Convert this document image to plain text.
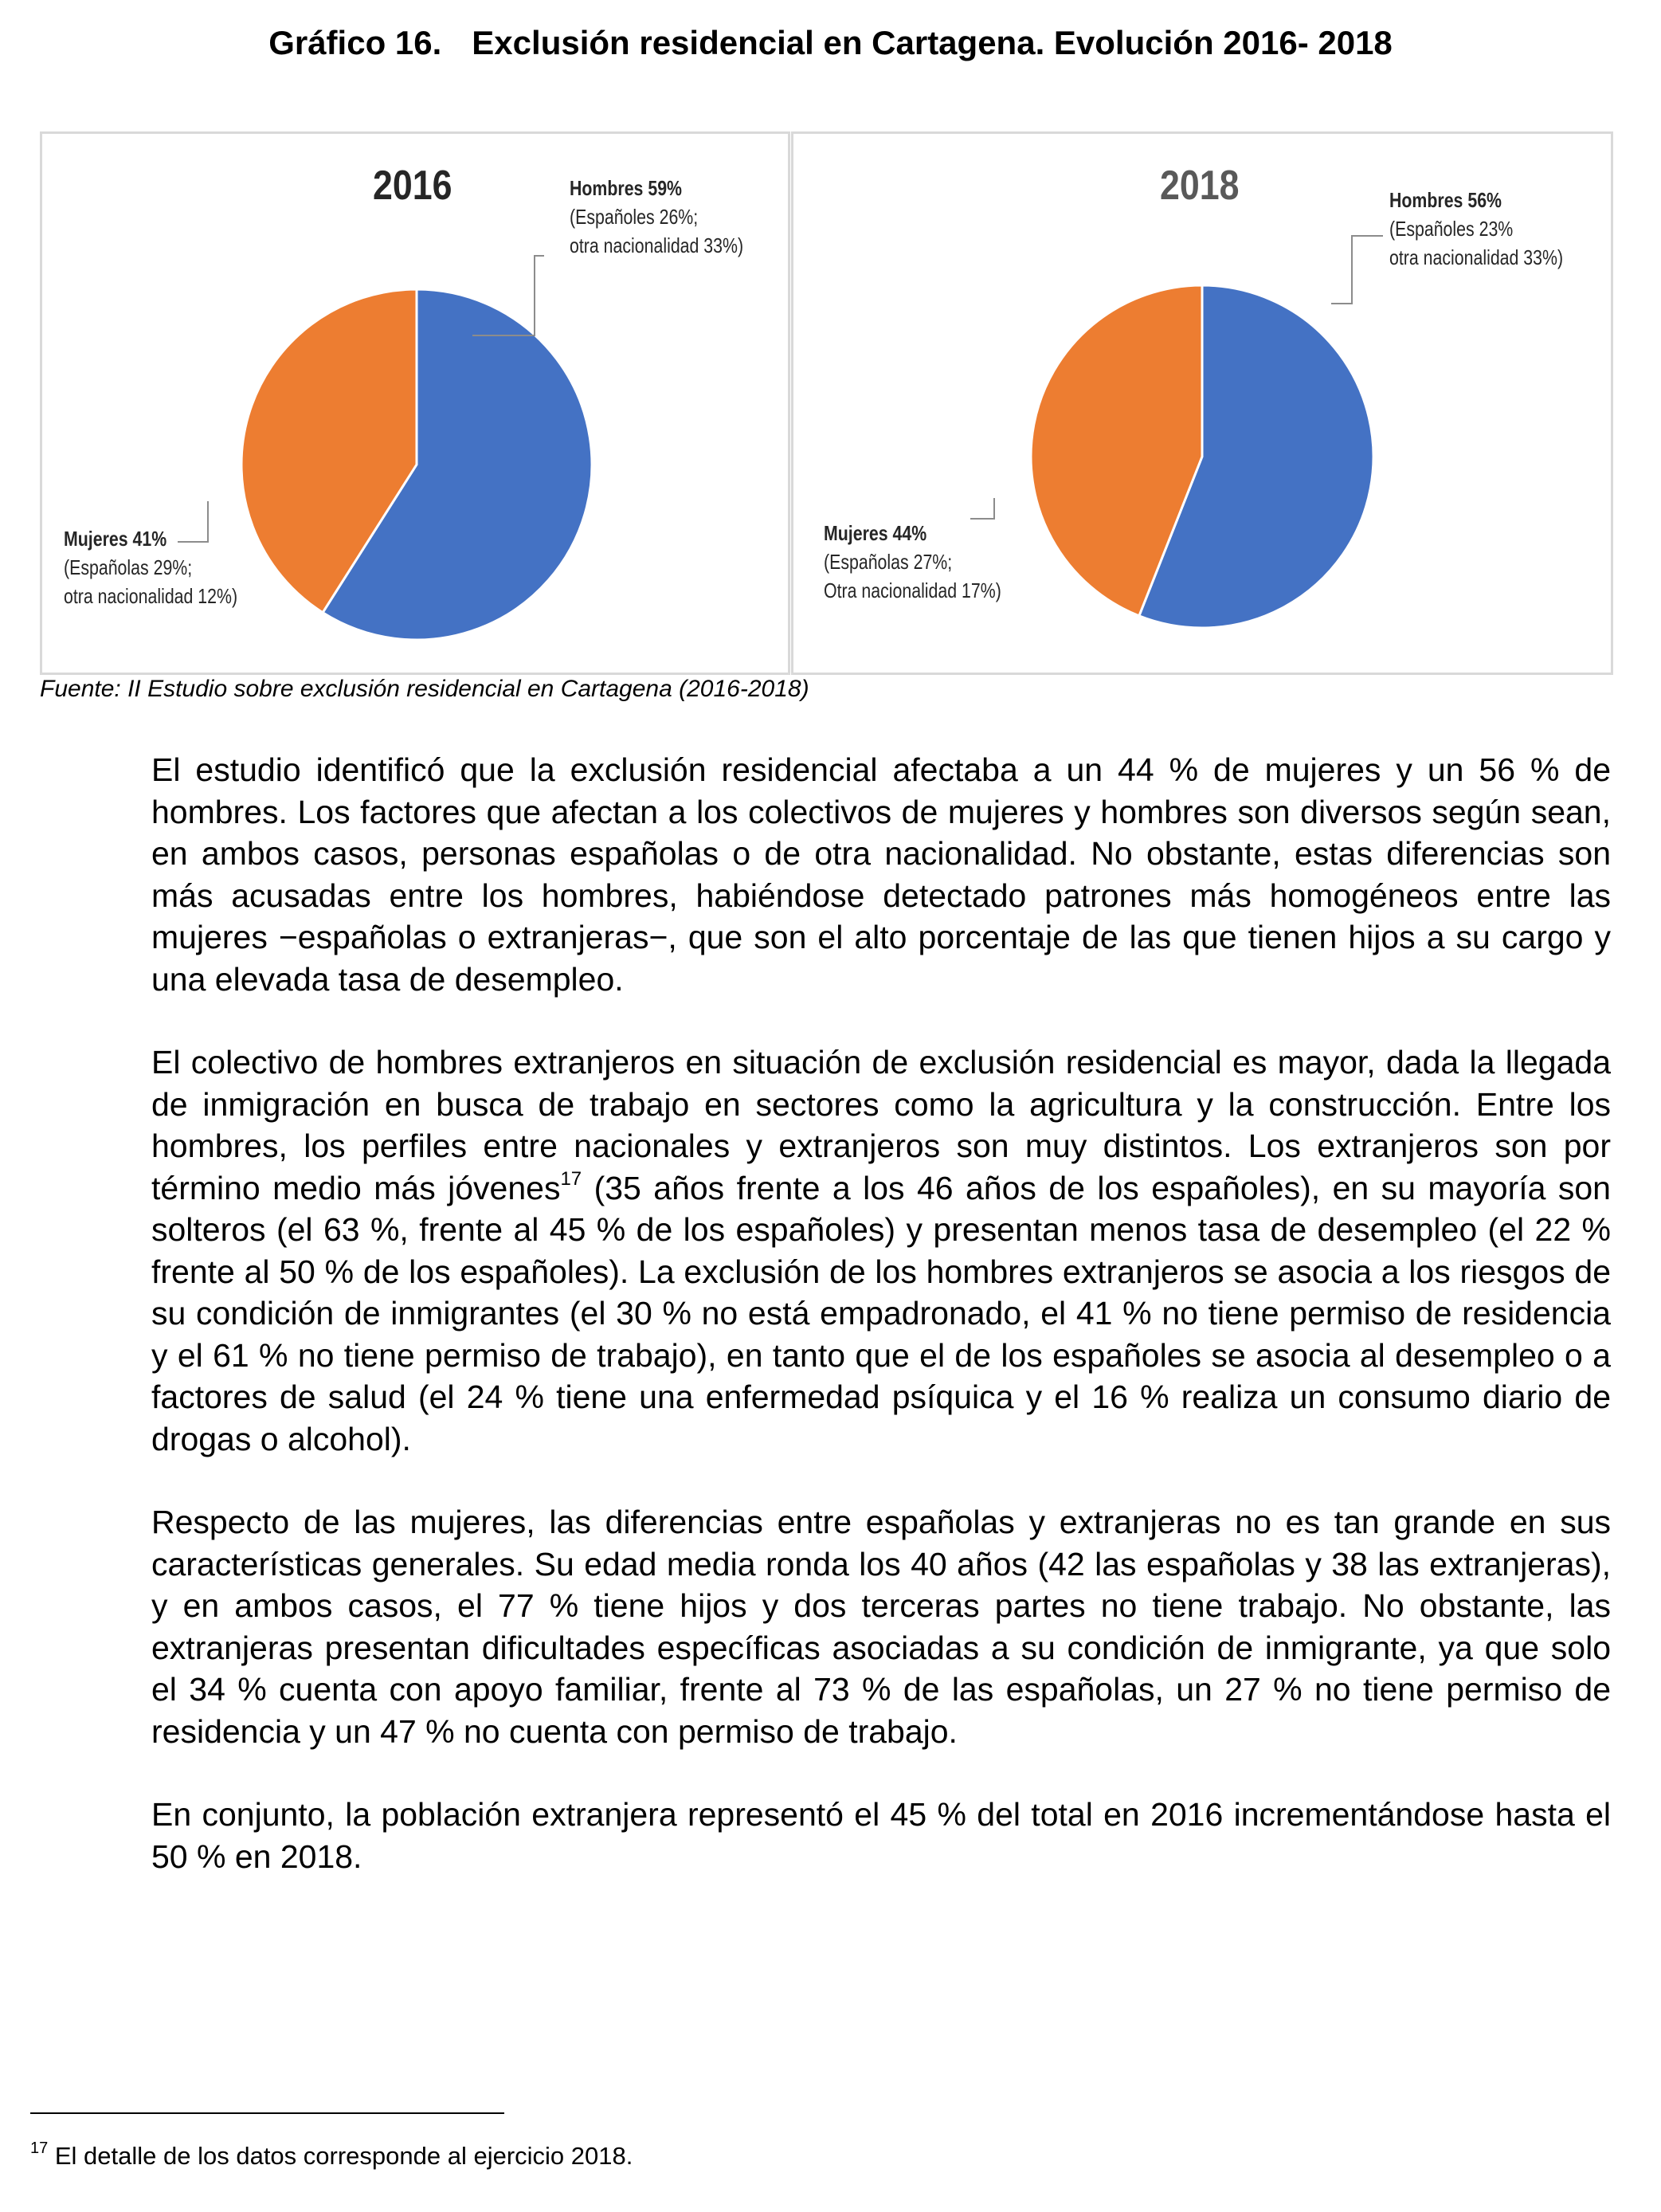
Gráfico 16. Exclusión residencial en Cartagena. Evolución 2016- 2018
2016	Hombres 59%
(Españoles 26%;
otra nacionalidad 33%)
Mujeres 41%
(Españolas 29%;
otra nacionalidad 12%)
2018	Hombres 56%
(Españoles 23%
otra nacionalidad 33%)
Mujeres 44%
(Españolas 27%;
Otra nacionalidad 17%)
Fuente: II Estudio sobre exclusión residencial en Cartagena (2016-2018)

El estudio identificó que la exclusión residencial afectaba a un 44 % de mujeres y un 56 % de hombres. Los factores que afectan a los colectivos de mujeres y hombres son diversos según sean, en ambos casos, personas españolas o de otra nacionalidad. No obstante, estas diferencias son más acusadas entre los hombres, habiéndose detectado patrones más homogéneos entre las mujeres −españolas o extranjeras−, que son el alto porcentaje de las que tienen hijos a su cargo y una elevada tasa de desempleo.

El colectivo de hombres extranjeros en situación de exclusión residencial es mayor, dada la llegada de inmigración en busca de trabajo en sectores como la agricultura y la construcción. Entre los hombres, los perfiles entre nacionales y extranjeros son muy distintos. Los extranjeros son por término medio más jóvenes$^{17}$ (35 años frente a los 46 años de los españoles), en su mayoría son solteros (el 63 %, frente al 45 % de los españoles) y presentan menos tasa de desempleo (el 22 % frente al 50 % de los españoles). La exclusión de los hombres extranjeros se asocia a los riesgos de su condición de inmigrantes (el 30 % no está empadronado, el 41 % no tiene permiso de residencia y el 61 % no tiene permiso de trabajo), en tanto que el de los españoles se asocia al desempleo o a factores de salud (el 24 % tiene una enfermedad psíquica y el 16 % realiza un consumo diario de drogas o alcohol).

Respecto de las mujeres, las diferencias entre españolas y extranjeras no es tan grande en sus características generales. Su edad media ronda los 40 años (42 las españolas y 38 las extranjeras), y en ambos casos, el 77 % tiene hijos y dos terceras partes no tiene trabajo. No obstante, las extranjeras presentan dificultades específicas asociadas a su condición de inmigrante, ya que solo el 34 % cuenta con apoyo familiar, frente al 73 % de las españolas, un 27 % no tiene permiso de residencia y un 47 % no cuenta con permiso de trabajo.

En conjunto, la población extranjera representó el 45 % del total en 2016 incrementándose hasta el 50 % en 2018.

$^{17}$ El detalle de los datos corresponde al ejercicio 2018.
